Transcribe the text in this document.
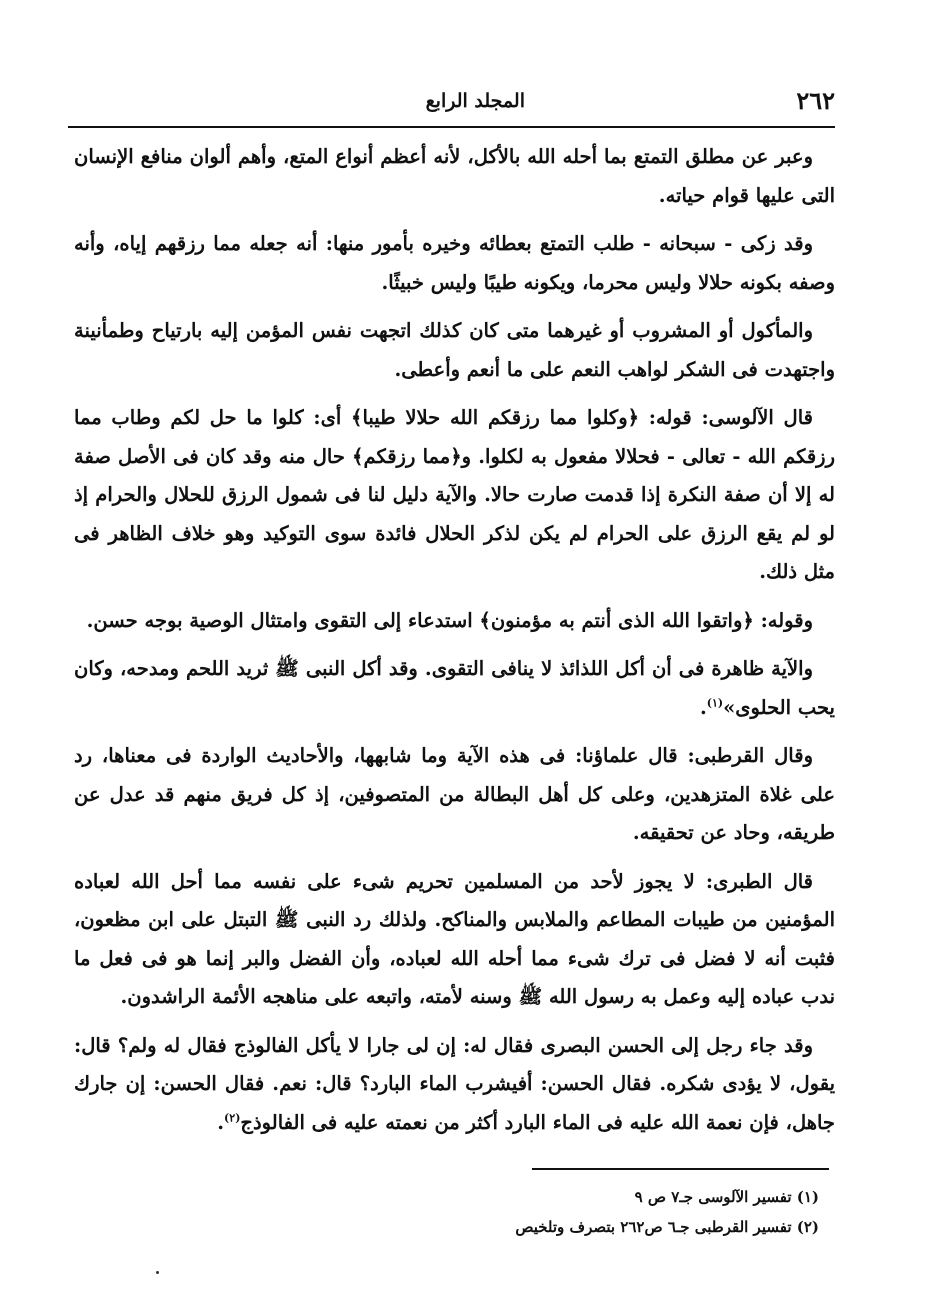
٢٦٢
المجلد الرابع

وعبر عن مطلق التمتع بما أحله الله بالأكل، لأنه أعظم أنواع المتع، وأهم ألوان منافع الإنسان التى عليها قوام حياته.

وقد زكى - سبحانه - طلب التمتع بعطائه وخيره بأمور منها: أنه جعله مما رزقهم إياه، وأنه وصفه بكونه حلالا وليس محرما، ويكونه طيبًا وليس خبيثًا.

والمأكول أو المشروب أو غيرهما متى كان كذلك اتجهت نفس المؤمن إليه بارتياح وطمأنينة واجتهدت فى الشكر لواهب النعم على ما أنعم وأعطى.

قال الآلوسى: قوله: ﴿وكلوا مما رزقكم الله حلالا طيبا﴾ أى: كلوا ما حل لكم وطاب مما رزقكم الله - تعالى - فحلالا مفعول به لكلوا. و﴿مما رزقكم﴾ حال منه وقد كان فى الأصل صفة له إلا أن صفة النكرة إذا قدمت صارت حالا. والآية دليل لنا فى شمول الرزق للحلال والحرام إذ لو لم يقع الرزق على الحرام لم يكن لذكر الحلال فائدة سوى التوكيد وهو خلاف الظاهر فى مثل ذلك.

وقوله: ﴿واتقوا الله الذى أنتم به مؤمنون﴾ استدعاء إلى التقوى وامتثال الوصية بوجه حسن.

والآية ظاهرة فى أن أكل اللذائذ لا ينافى التقوى. وقد أكل النبى ﷺ ثريد اللحم ومدحه، وكان يحب الحلوى»$^{(١)}$.

وقال القرطبى: قال علماؤنا: فى هذه الآية وما شابهها، والأحاديث الواردة فى معناها، رد على غلاة المتزهدين، وعلى كل أهل البطالة من المتصوفين، إذ كل فريق منهم قد عدل عن طريقه، وحاد عن تحقيقه.

قال الطبرى: لا يجوز لأحد من المسلمين تحريم شىء على نفسه مما أحل الله لعباده المؤمنين من طيبات المطاعم والملابس والمناكح. ولذلك رد النبى ﷺ التبتل على ابن مظعون، فثبت أنه لا فضل فى ترك شىء مما أحله الله لعباده، وأن الفضل والبر إنما هو فى فعل ما ندب عباده إليه وعمل به رسول الله ﷺ وسنه لأمته، واتبعه على مناهجه الأئمة الراشدون.

وقد جاء رجل إلى الحسن البصرى فقال له: إن لى جارا لا يأكل الفالوذج فقال له ولم؟ قال: يقول، لا يؤدى شكره. فقال الحسن: أفيشرب الماء البارد؟ قال: نعم. فقال الحسن: إن جارك جاهل، فإن نعمة الله عليه فى الماء البارد أكثر من نعمته عليه فى الفالوذج$^{(٢)}$.

(١) تفسير الآلوسى جـ٧ ص ٩

(٢) تفسير القرطبى جـ٦ ص٢٦٢ بتصرف وتلخيص
